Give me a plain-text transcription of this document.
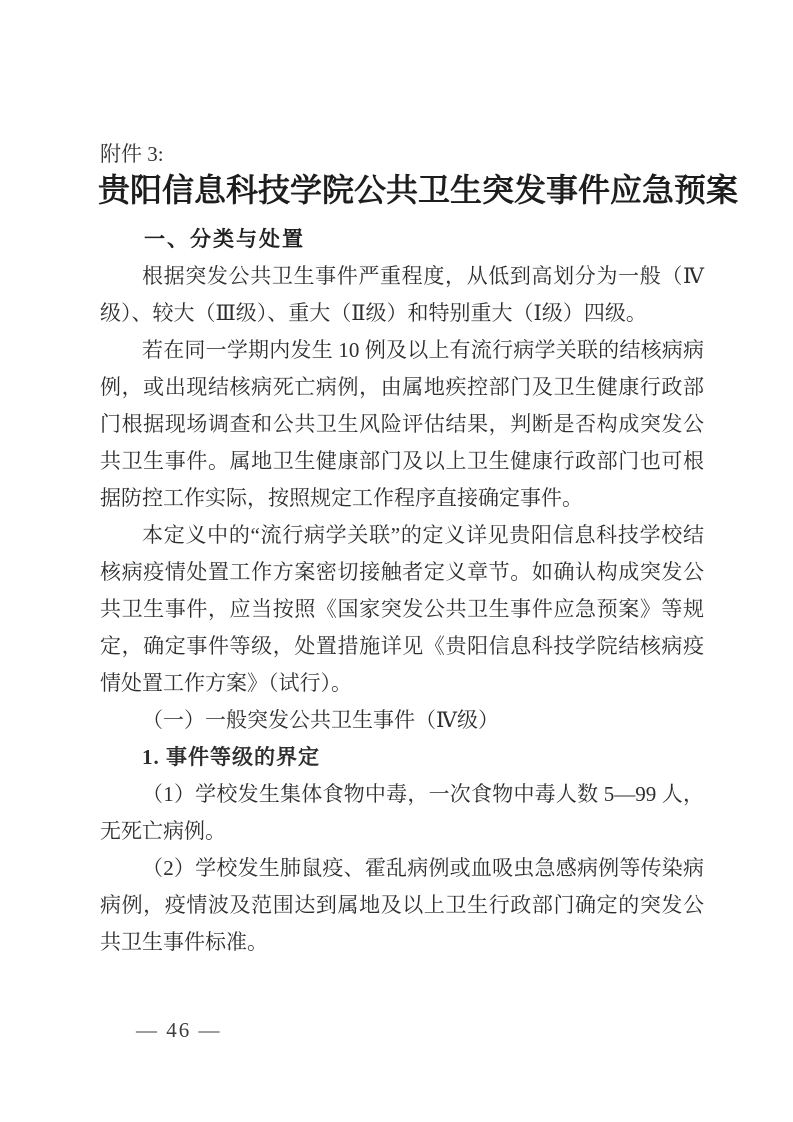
附件 3:
贵阳信息科技学院公共卫生突发事件应急预案
一、分类与处置

根据突发公共卫生事件严重程度，从低到高划分为一般（Ⅳ级）、较大（Ⅲ级）、重大（Ⅱ级）和特别重大（Ⅰ级）四级。

若在同一学期内发生 10 例及以上有流行病学关联的结核病病例，或出现结核病死亡病例，由属地疾控部门及卫生健康行政部门根据现场调查和公共卫生风险评估结果，判断是否构成突发公共卫生事件。属地卫生健康部门及以上卫生健康行政部门也可根据防控工作实际，按照规定工作程序直接确定事件。

本定义中的“流行病学关联”的定义详见贵阳信息科技学校结核病疫情处置工作方案密切接触者定义章节。如确认构成突发公共卫生事件，应当按照《国家突发公共卫生事件应急预案》等规定，确定事件等级，处置措施详见《贵阳信息科技学院结核病疫情处置工作方案》（试行）。

（一）一般突发公共卫生事件（Ⅳ级）
1. 事件等级的界定

（1）学校发生集体食物中毒，一次食物中毒人数 5—99 人，无死亡病例。

（2）学校发生肺鼠疫、霍乱病例或血吸虫急感病例等传染病病例，疫情波及范围达到属地及以上卫生行政部门确定的突发公共卫生事件标准。

— 46 —
